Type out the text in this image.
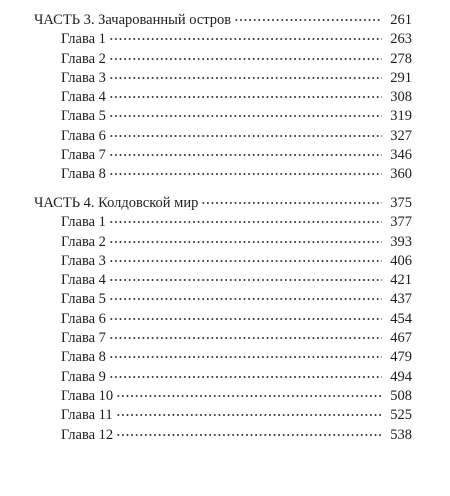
ЧАСТЬ 3. Зачарованный остров	261
Глава 1	263
Глава 2	278
Глава 3	291
Глава 4	308
Глава 5	319
Глава 6	327
Глава 7	346
Глава 8	360
ЧАСТЬ 4. Колдовской мир	375
Глава 1	377
Глава 2	393
Глава 3	406
Глава 4	421
Глава 5	437
Глава 6	454
Глава 7	467
Глава 8	479
Глава 9	494
Глава 10	508
Глава 11	525
Глава 12	538
